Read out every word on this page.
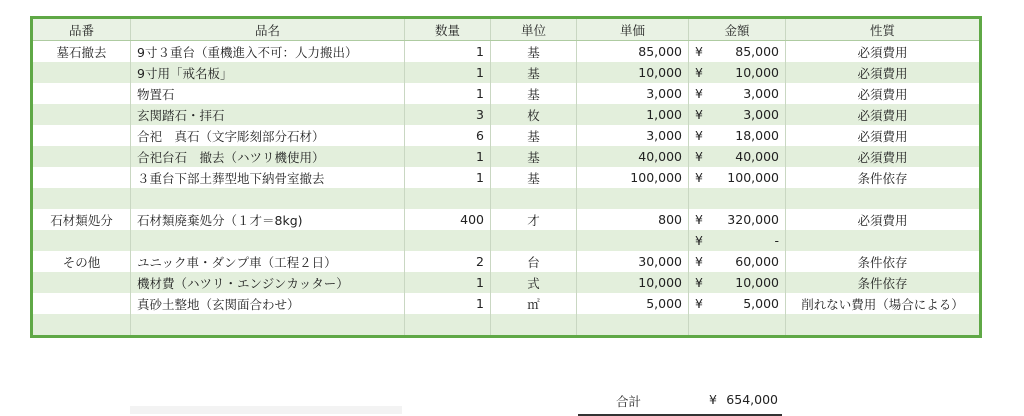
品番	品名	数量	単位	単価	金額	性質
墓石撤去	9寸３重台（重機進入不可：人力搬出）	1	基	85,000	¥ 85,000	必須費用
	9寸用「戒名板」	1	基	10,000	¥ 10,000	必須費用
	物置石	1	基	3,000	¥ 3,000	必須費用
	玄関踏石・拝石	3	枚	1,000	¥ 3,000	必須費用
	合祀　真石（文字彫刻部分石材）	6	基	3,000	¥ 18,000	必須費用
	合祀台石　撤去（ハツリ機使用）	1	基	40,000	¥ 40,000	必須費用
	３重台下部土葬型地下納骨室撤去	1	基	100,000	¥ 100,000	条件依存

石材類処分	石材類廃棄処分（１才＝8kg)	400	才	800	¥ 320,000	必須費用

					¥ -	

その他	ユニック車・ダンプ車（工程２日）	2	台	30,000	¥ 60,000	条件依存
	機材費（ハツリ・エンジンカッター）	1	式	10,000	¥ 10,000	条件依存
	真砂土整地（玄関面合わせ）	1	㎡	5,000	¥ 5,000	削れない費用（場合による）

合計	¥ 654,000
